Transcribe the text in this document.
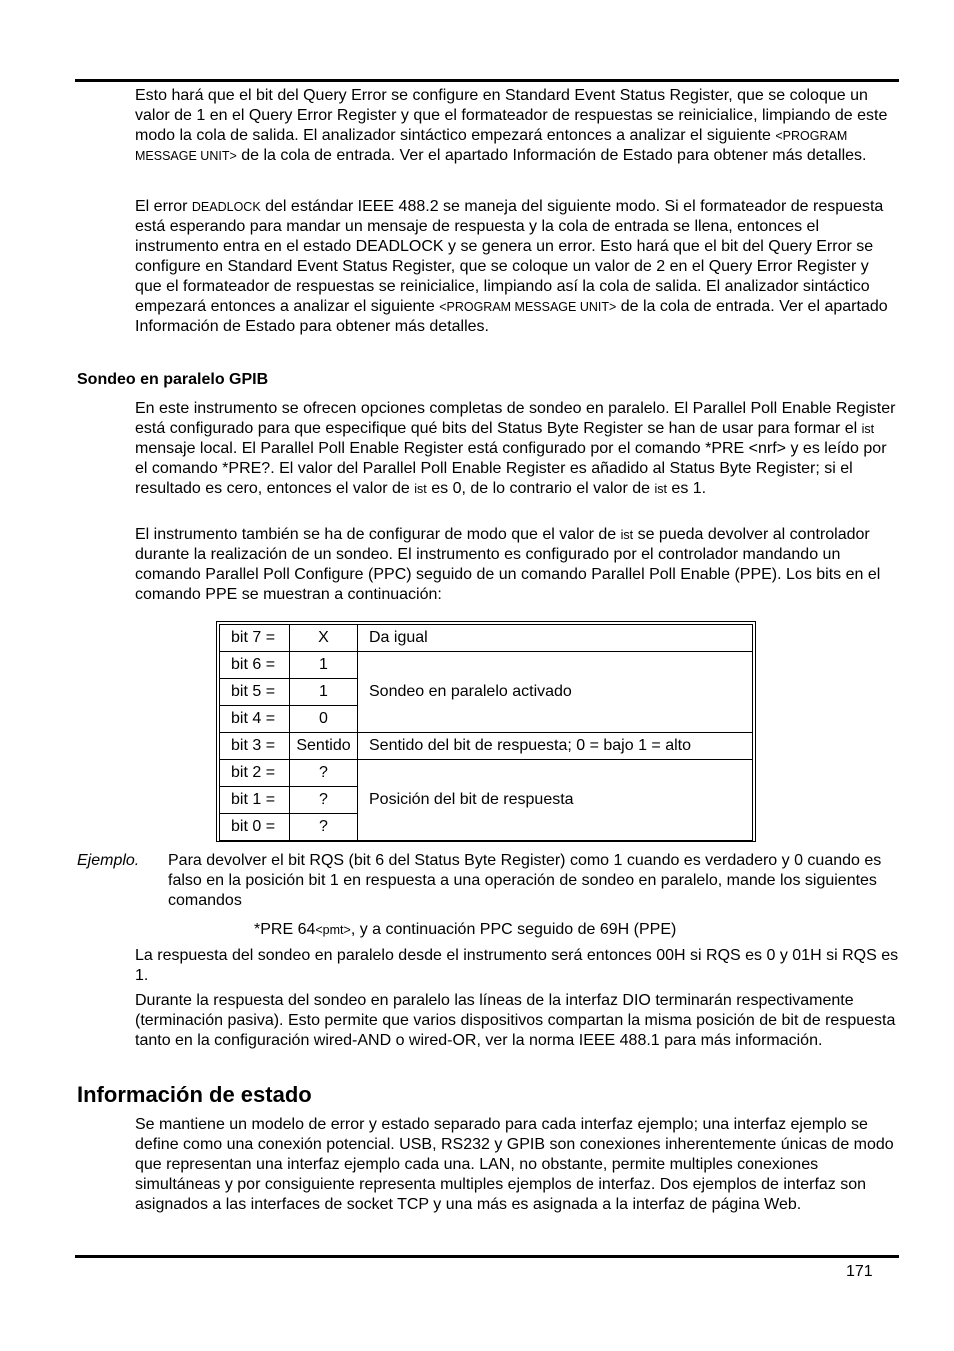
Esto hará que el bit del Query Error se configure en Standard Event Status Register, que se coloque un valor de 1 en el Query Error Register y que el formateador de respuestas se reinicialice, limpiando de este modo la cola de salida. El analizador sintáctico empezará entonces a analizar el siguiente <PROGRAM MESSAGE UNIT> de la cola de entrada. Ver el apartado Información de Estado para obtener más detalles.

El error DEADLOCK del estándar IEEE 488.2 se maneja del siguiente modo. Si el formateador de respuesta está esperando para mandar un mensaje de respuesta y la cola de entrada se llena, entonces el instrumento entra en el estado DEADLOCK y se genera un error. Esto hará que el bit del Query Error se configure en Standard Event Status Register, que se coloque un valor de 2 en el Query Error Register y que el formateador de respuestas se reinicialice, limpiando así la cola de salida. El analizador sintáctico empezará entonces a analizar el siguiente <PROGRAM MESSAGE UNIT> de la cola de entrada. Ver el apartado Información de Estado para obtener más detalles.

Sondeo en paralelo GPIB

En este instrumento se ofrecen opciones completas de sondeo en paralelo. El Parallel Poll Enable Register está configurado para que especifique qué bits del Status Byte Register se han de usar para formar el ist mensaje local. El Parallel Poll Enable Register está configurado por el comando *PRE <nrf> y es leído por el comando *PRE?. El valor del Parallel Poll Enable Register es añadido al Status Byte Register; si el resultado es cero, entonces el valor de ist es 0, de lo contrario el valor de ist es 1.

El instrumento también se ha de configurar de modo que el valor de ist se pueda devolver al controlador durante la realización de un sondeo. El instrumento es configurado por el controlador mandando un comando Parallel Poll Configure (PPC) seguido de un comando Parallel Poll Enable (PPE). Los bits en el comando PPE se muestran a continuación:

bit 7 =	X	Da igual
bit 6 =	1	Sondeo en paralelo activado
bit 5 =	1	
bit 4 =	0	
bit 3 =	Sentido	Sentido del bit de respuesta; 0 = bajo 1 = alto
bit 2 =	?	Posición del bit de respuesta
bit 1 =	?	
bit 0 =	?	
Ejemplo. Para devolver el bit RQS (bit 6 del Status Byte Register) como 1 cuando es verdadero y 0 cuando es falso en la posición bit 1 en respuesta a una operación de sondeo en paralelo, mande los siguientes comandos

*PRE 64<pmt>, y a continuación PPC seguido de 69H (PPE)

La respuesta del sondeo en paralelo desde el instrumento será entonces 00H si RQS es 0 y 01H si RQS es 1.

Durante la respuesta del sondeo en paralelo las líneas de la interfaz DIO terminarán respectivamente (terminación pasiva). Esto permite que varios dispositivos compartan la misma posición de bit de respuesta tanto en la configuración wired-AND o wired-OR, ver la norma IEEE 488.1 para más información.

Información de estado

Se mantiene un modelo de error y estado separado para cada interfaz ejemplo; una interfaz ejemplo se define como una conexión potencial. USB, RS232 y GPIB son conexiones inherentemente únicas de modo que representan una interfaz ejemplo cada una. LAN, no obstante, permite multiples conexiones simultáneas y por consiguiente representa multiples ejemplos de interfaz. Dos ejemplos de interfaz son asignados a las interfaces de socket TCP y una más es asignada a la interfaz de página Web.

171
